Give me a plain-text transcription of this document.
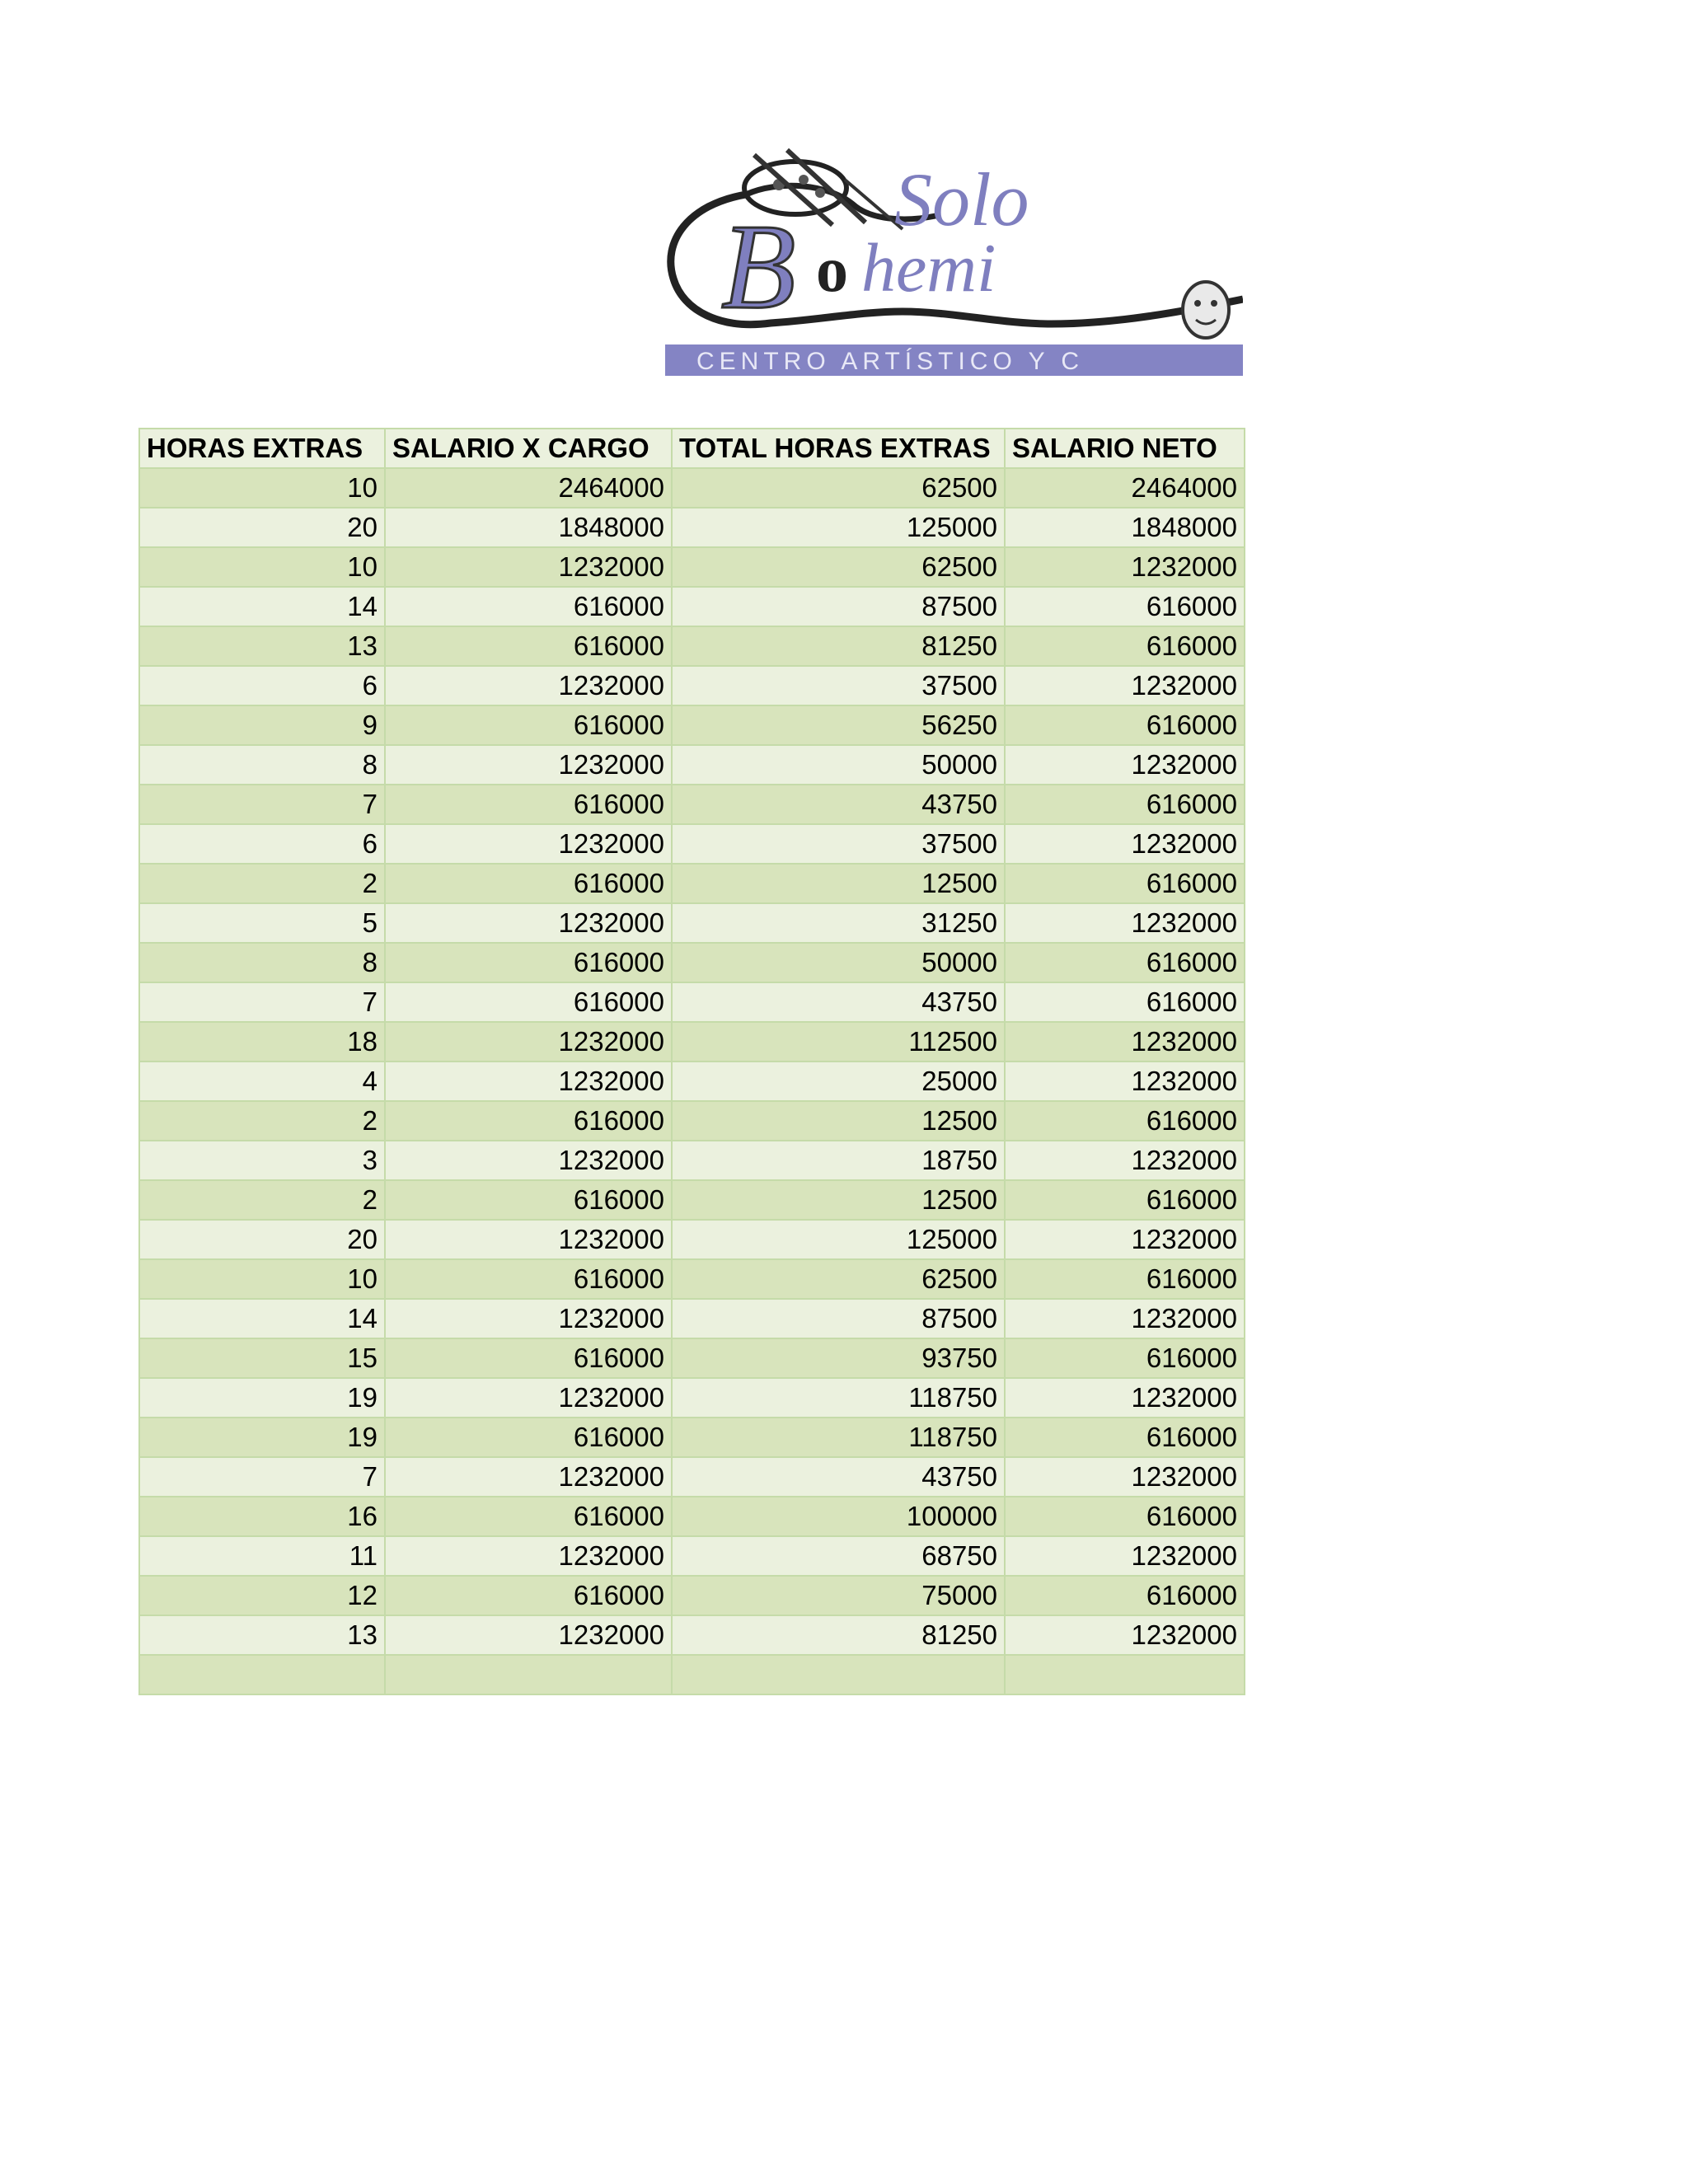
Solo
B o hemi
CENTRO ARTÍSTICO Y C
HORAS EXTRAS	SALARIO X CARGO	TOTAL HORAS EXTRAS	SALARIO NETO
10	2464000	62500	2464000
20	1848000	125000	1848000
10	1232000	62500	1232000
14	616000	87500	616000
13	616000	81250	616000
6	1232000	37500	1232000
9	616000	56250	616000
8	1232000	50000	1232000
7	616000	43750	616000
6	1232000	37500	1232000
2	616000	12500	616000
5	1232000	31250	1232000
8	616000	50000	616000
7	616000	43750	616000
18	1232000	112500	1232000
4	1232000	25000	1232000
2	616000	12500	616000
3	1232000	18750	1232000
2	616000	12500	616000
20	1232000	125000	1232000
10	616000	62500	616000
14	1232000	87500	1232000
15	616000	93750	616000
19	1232000	118750	1232000
19	616000	118750	616000
7	1232000	43750	1232000
16	616000	100000	616000
11	1232000	68750	1232000
12	616000	75000	616000
13	1232000	81250	1232000
